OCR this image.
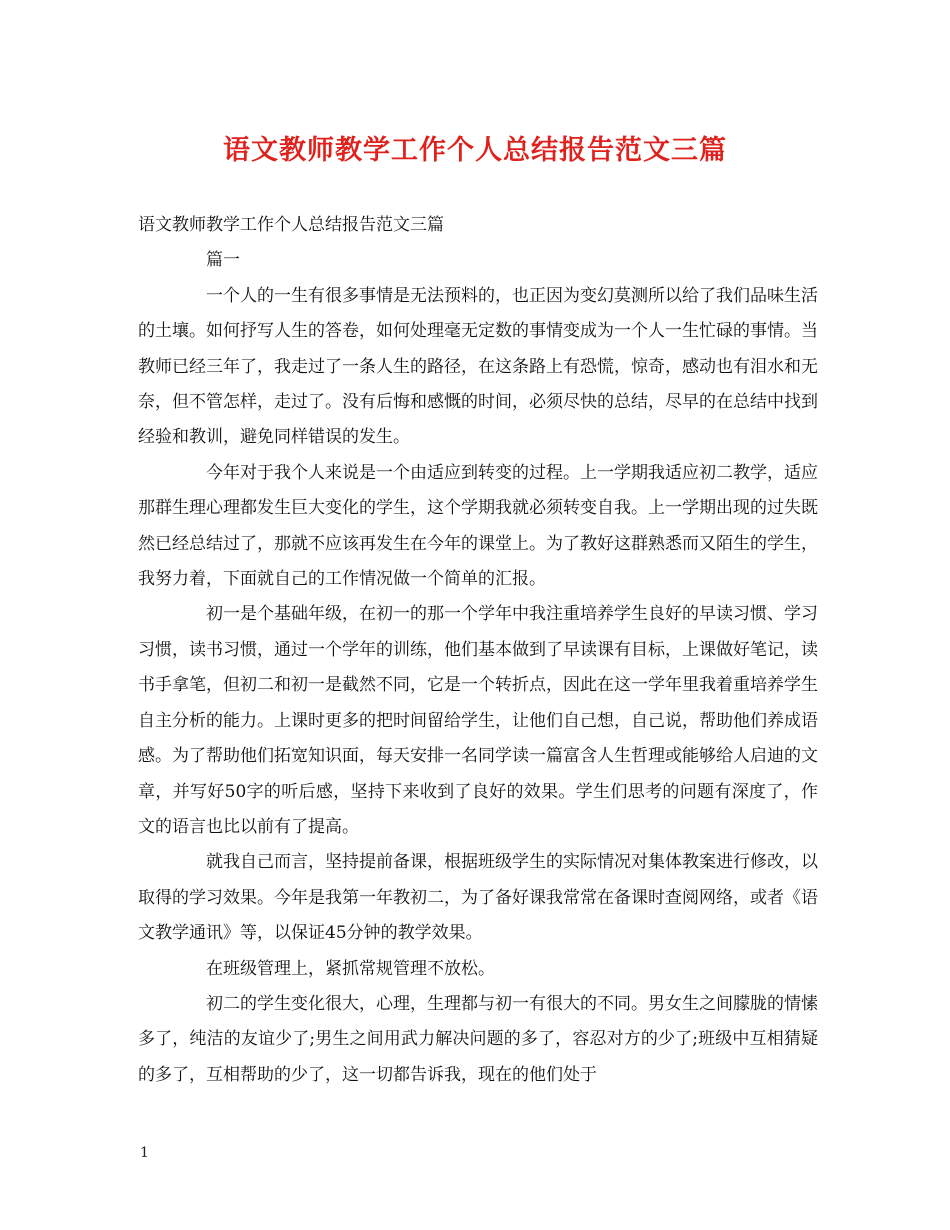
语文教师教学工作个人总结报告范文三篇

语文教师教学工作个人总结报告范文三篇

篇一

一个人的一生有很多事情是无法预料的，也正因为变幻莫测所以给了我们品味生活的土壤。如何抒写人生的答卷，如何处理毫无定数的事情变成为一个人一生忙碌的事情。当教师已经三年了，我走过了一条人生的路径，在这条路上有恐慌，惊奇，感动也有泪水和无奈，但不管怎样，走过了。没有后悔和感慨的时间，必须尽快的总结，尽早的在总结中找到经验和教训，避免同样错误的发生。

今年对于我个人来说是一个由适应到转变的过程。上一学期我适应初二教学，适应那群生理心理都发生巨大变化的学生，这个学期我就必须转变自我。上一学期出现的过失既然已经总结过了，那就不应该再发生在今年的课堂上。为了教好这群熟悉而又陌生的学生，我努力着，下面就自己的工作情况做一个简单的汇报。

初一是个基础年级，在初一的那一个学年中我注重培养学生良好的早读习惯、学习习惯，读书习惯，通过一个学年的训练，他们基本做到了早读课有目标，上课做好笔记，读书手拿笔，但初二和初一是截然不同，它是一个转折点，因此在这一学年里我着重培养学生自主分析的能力。上课时更多的把时间留给学生，让他们自己想，自己说，帮助他们养成语感。为了帮助他们拓宽知识面，每天安排一名同学读一篇富含人生哲理或能够给人启迪的文章，并写好50字的听后感，坚持下来收到了良好的效果。学生们思考的问题有深度了，作文的语言也比以前有了提高。

就我自己而言，坚持提前备课，根据班级学生的实际情况对集体教案进行修改，以取得的学习效果。今年是我第一年教初二，为了备好课我常常在备课时查阅网络，或者《语文教学通讯》等，以保证45分钟的教学效果。

在班级管理上，紧抓常规管理不放松。

初二的学生变化很大，心理，生理都与初一有很大的不同。男女生之间朦胧的情愫多了，纯洁的友谊少了;男生之间用武力解决问题的多了，容忍对方的少了;班级中互相猜疑的多了，互相帮助的少了，这一切都告诉我，现在的他们处于

1
